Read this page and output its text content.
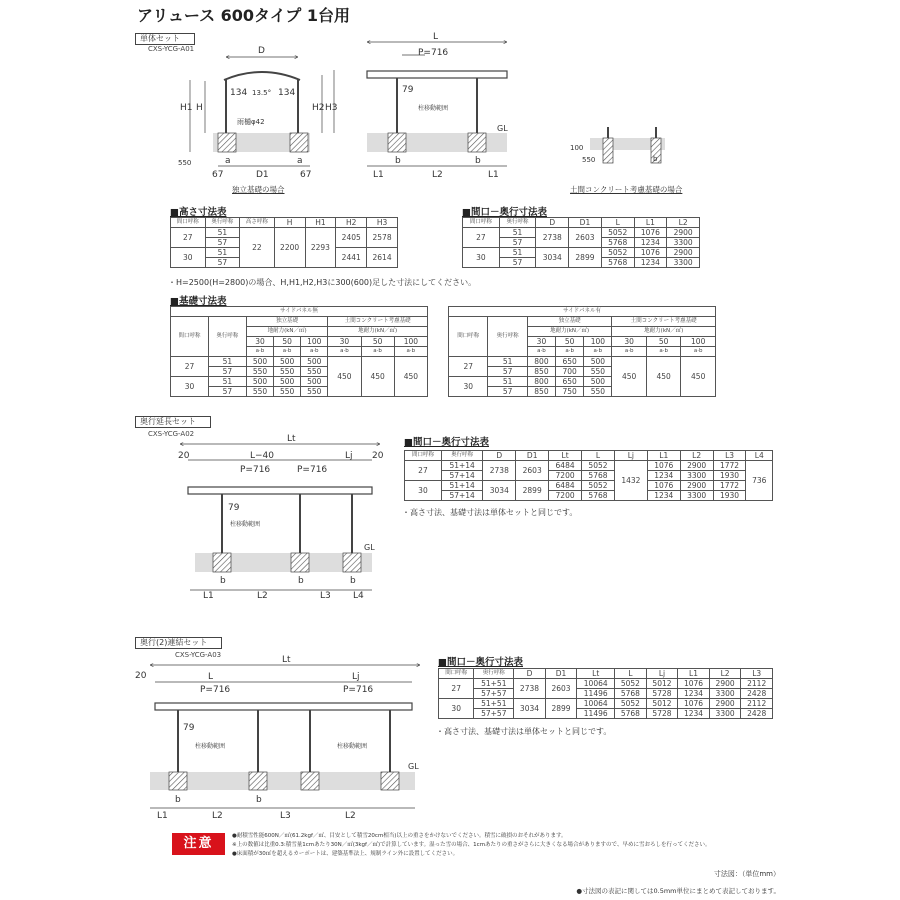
アリュース 600タイプ 1台用
単体セット
CXS-YCG-A01	D
H1 H	H2 H3
134 13.5° 134
雨樋φ42
550	a	a
67	D1	67
L
P=716
79
柱移動範囲
GL
b	b
L1	L2	L1
100
550	b
Lt
20	L−40	Lj 20
P=716	P=716
79
柱移動範囲
GL
b	b	b
L1	L2	L3 L4
Lt
20	L	Lj
P=716	P=716
79
柱移動範囲	柱移動範囲
GL
b	b
L1	L2	L3	L2
独立基礎の場合	土間コンクリート考慮基礎の場合
■高さ寸法表
間口呼称	奥行呼称	高さ呼称	H	H1	H2	H3
27	51	22	2200	2293	2405	2578
	57					
30	51				2441	2614
	57					
■間口－奥行寸法表
間口呼称	奥行呼称	D	D1	L	L1	L2
27	51	2738	2603	5052	1076	2900
	57			5768	1234	3300
30	51	3034	2899	5052	1076	2900
	57			5768	1234	3300
・H=2500(H=2800)の場合、H,H1,H2,H3に300(600)足した寸法にしてください。
■基礎寸法表
サイドパネル無							
間口呼称	奥行呼称	独立基礎			土間コンクリート考慮基礎		
		地耐力(kN／㎡)			地耐力(kN／㎡)		
		30	50	100	30	50	100
		a·b	a·b	a·b	a·b	a·b	a·b
27	51	500	500	500	450	450	450
	57	550	550	550			
30	51	500	500	500			
	57	550	550	550			
サイドパネル有							
間口呼称	奥行呼称	独立基礎			土間コンクリート考慮基礎		
		地耐力(kN／㎡)			地耐力(kN／㎡)		
		30	50	100	30	50	100
		a·b	a·b	a·b	a·b	a·b	a·b
27	51	800	650	500	450	450	450
	57	850	700	550			
30	51	800	650	500			
	57	850	750	550			
奥行延長セット
CXS-YCG-A02
■間口－奥行寸法表
間口呼称	奥行呼称	D	D1	Lt	L	Lj	L1	L2	L3	L4
27	51+14	2738	2603	6484	5052	1432	1076	2900	1772	736
	57+14			7200	5768		1234	3300	1930	
30	51+14	3034	2899	6484	5052		1076	2900	1772	
	57+14			7200	5768		1234	3300	1930	
・高さ寸法、基礎寸法は単体セットと同じです。
奥行(2)連結セット
CXS-YCG-A03
■間口－奥行寸法表
間口呼称	奥行呼称	D	D1	Lt	L	Lj	L1	L2	L3
27	51+51	2738	2603	10064	5052	5012	1076	2900	2112
	57+57			11496	5768	5728	1234	3300	2428
30	51+51	3034	2899	10064	5052	5012	1076	2900	2112
	57+57			11496	5768	5728	1234	3300	2428
・高さ寸法、基礎寸法は単体セットと同じです。
注意	●耐積雪性能600N／㎡(61.2kgf／㎡、目安として積雪20cm相当)以上の重さをかけないでください。積雪に破損のおそれがあります。
※上の数値は比重0.3:積雪量1cmあたり30N／㎡(3kgf／㎡)で計算しています。湿った雪の場合、1cmあたりの重さがさらに大きくなる場合がありますので、早めに雪おろしを行ってください。
●床面積が30㎡を超えるカーポートは、建築基準法上、規制ライン外に設置してください。
寸法図：（単位mm）
●寸法図の表記に関しては0.5mm単位にまとめて表記しております。
